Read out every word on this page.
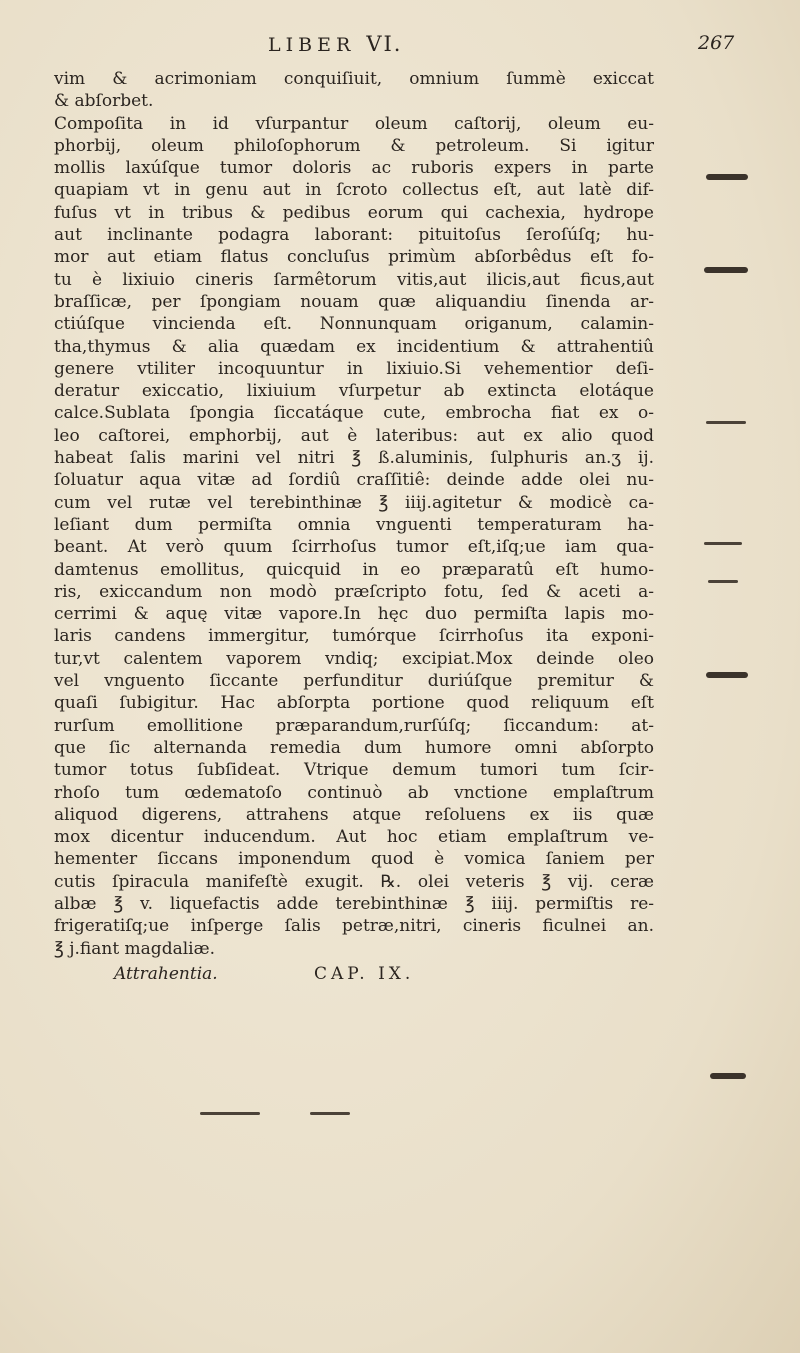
LIBER VI.	267
vim & acrimoniam conquiſiuit, omnium ſummè exiccat
& abſorbet.
Compoſita in id vſurpantur oleum caſtorij, oleum eu-
phorbij, oleum philoſophorum & petroleum. Si igitur
mollis laxúſque tumor doloris ac ruboris expers in parte
quapiam vt in genu aut in ſcroto collectus eſt, aut latè dif-
fuſus vt in tribus & pedibus eorum qui cachexia, hydrope
aut inclinante podagra laborant: pituitoſus ſeroſúſq; hu-
mor aut etiam flatus concluſus primùm abſorbêdus eſt fo-
tu è lixiuio cineris ſarmêtorum vitis,aut ilicis,aut ficus,aut
braſſicæ, per ſpongiam nouam quæ aliquandiu ſinenda ar-
ctiúſque vincienda eſt. Nonnunquam origanum, calamin-
tha,thymus & alia quædam ex incidentium & attrahentiû
genere vtiliter incoquuntur in lixiuio.Si vehementior deſi-
deratur exiccatio, lixiuium vſurpetur ab extincta elotáque
calce.Sublata ſpongia ſiccatáque cute, embrocha fiat ex o-
leo caſtorei, emphorbij, aut è lateribus: aut ex alio quod
habeat ſalis marini vel nitri ℥ ß.aluminis, ſulphuris an.ʒ ij.
ſoluatur aqua vitæ ad ſordiû craſſitiê: deinde adde olei nu-
cum vel rutæ vel terebinthinæ ℥ iiij.agitetur & modicè ca-
leſiant dum permiſta omnia vnguenti temperaturam ha-
beant. At verò quum ſcirrhoſus tumor eſt,iſq;ue iam qua-
damtenus emollitus, quicquid in eo præparatû eſt humo-
ris, exiccandum non modò præſcripto fotu, ſed & aceti a-
cerrimi & aquę vitæ vapore.In hęc duo permiſta lapis mo-
laris candens immergitur, tumórque ſcirrhoſus ita exponi-
tur,vt calentem vaporem vndiq; excipiat.Mox deinde oleo
vel vnguento ſiccante perfunditur duriúſque premitur &
quaſi ſubigitur. Hac abſorpta portione quod reliquum eſt
rurſum emollitione præparandum,rurſúſq; ſiccandum: at-
que ſic alternanda remedia dum humore omni abſorpto
tumor totus ſubſideat. Vtrique demum tumori tum ſcir-
rhoſo tum œdematoſo continuò ab vnctione emplaſtrum
aliquod digerens, attrahens atque reſoluens ex iis quæ
mox dicentur inducendum. Aut hoc etiam emplaſtrum ve-
hementer ſiccans imponendum quod è vomica ſaniem per
cutis ſpiracula manifeſtè exugit. ℞. olei veteris ℥ vij. ceræ
albæ ℥ v. liquefactis adde terebinthinæ ℥ iiij. permiſtis re-
frigeratiſq;ue inſperge ſalis petræ,nitri, cineris ficulnei an.
℥ j.fiant magdaliæ.
Attrahentia.	CAP. IX.
